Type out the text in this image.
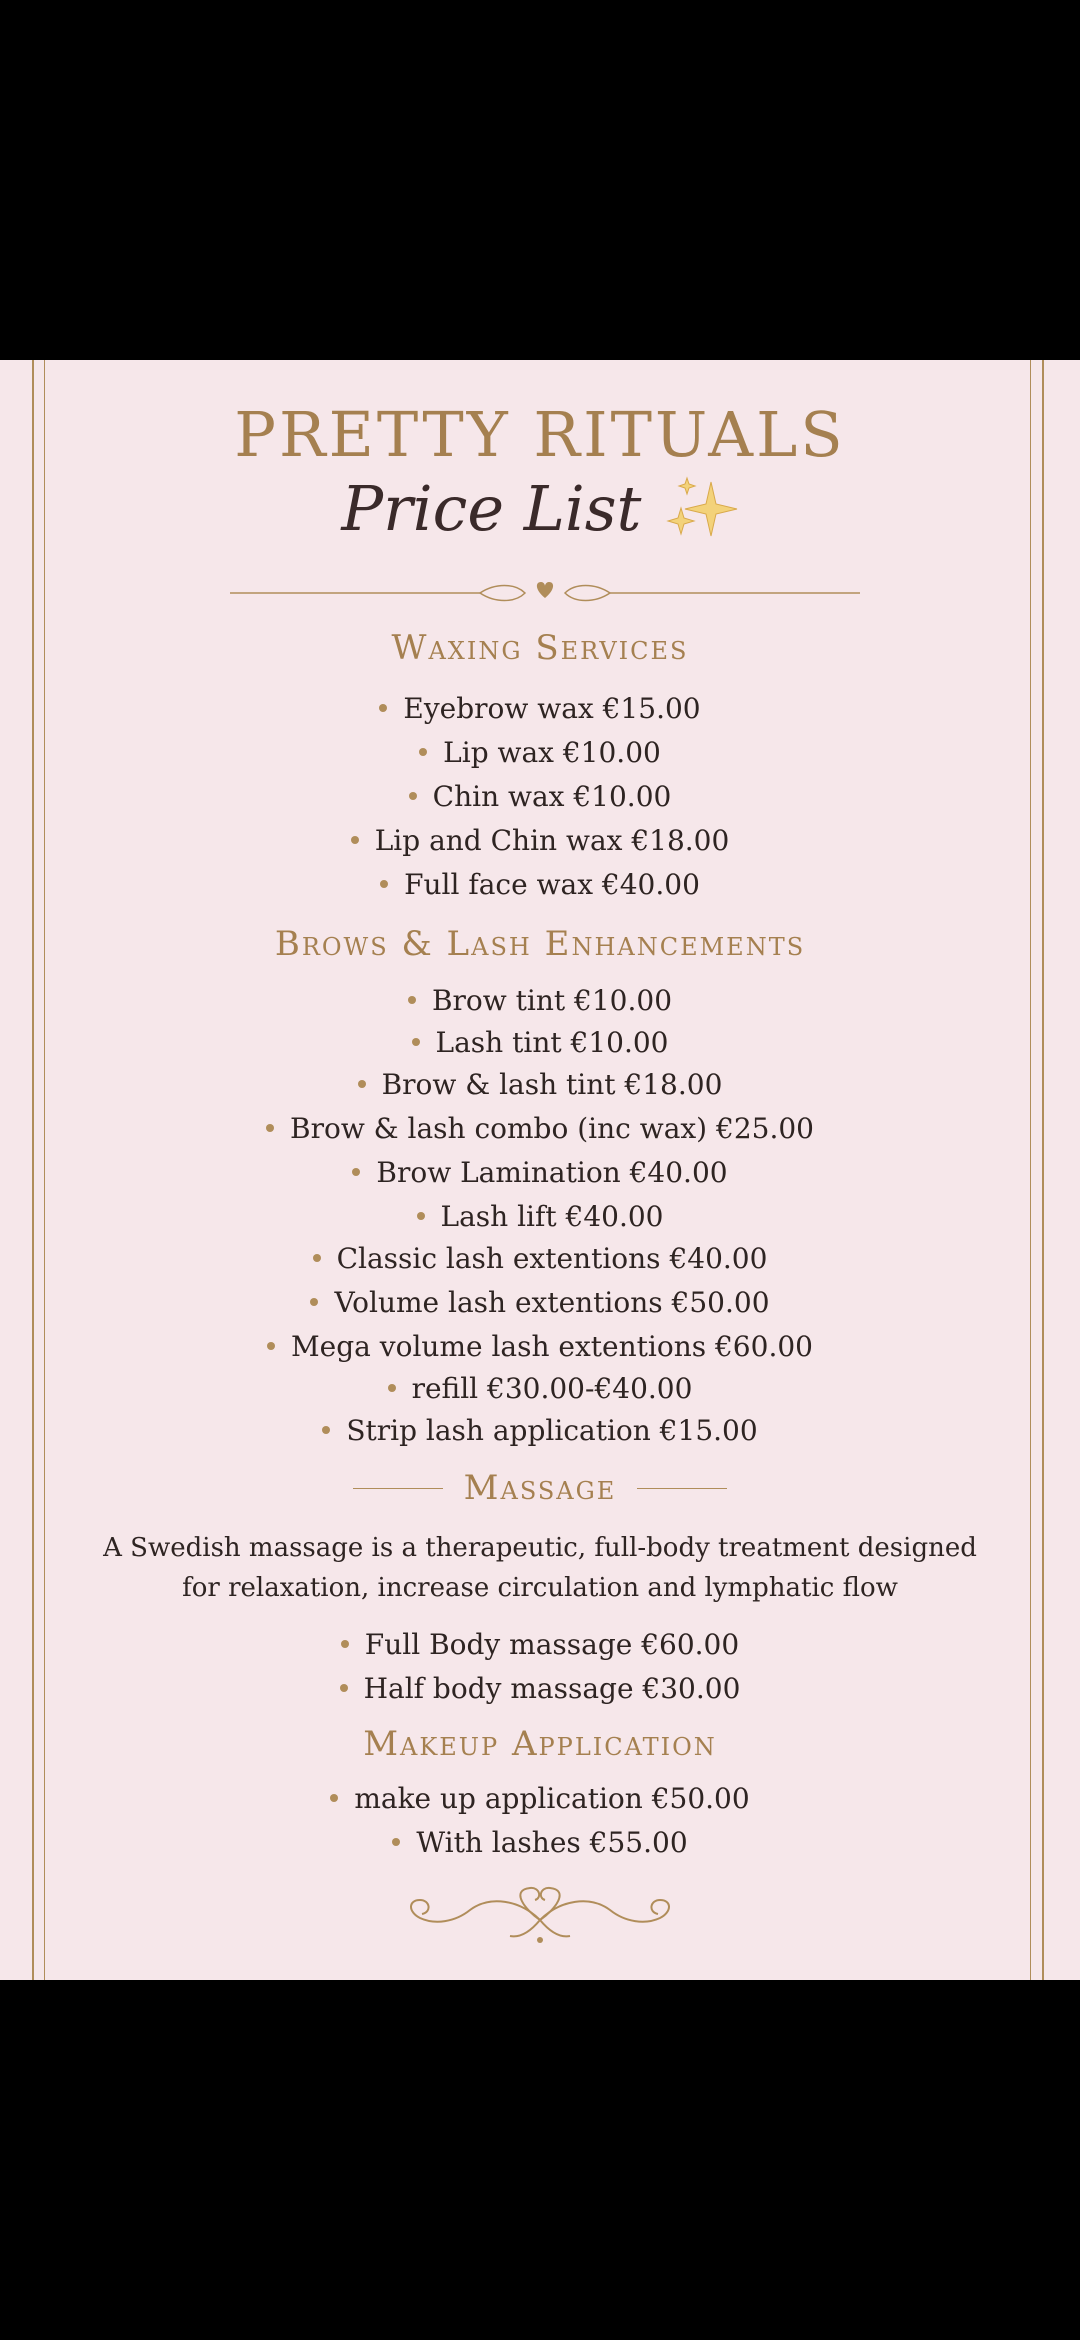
PRETTY RITUALS
Price List
Waxing Services
Eyebrow wax €15.00
Lip wax €10.00
Chin wax €10.00
Lip and Chin wax €18.00
Full face wax €40.00
Brows & Lash Enhancements
Brow tint €10.00
Lash tint €10.00
Brow & lash tint €18.00
Brow & lash combo (inc wax) €25.00
Brow Lamination €40.00
Lash lift €40.00
Classic lash extentions €40.00
Volume lash extentions €50.00
Mega volume lash extentions €60.00
refill €30.00-€40.00
Strip lash application €15.00
Massage
A Swedish massage is a therapeutic, full-body treatment designed
for relaxation, increase circulation and lymphatic flow
Full Body massage €60.00
Half body massage €30.00
Makeup Application
make up application €50.00
With lashes €55.00
